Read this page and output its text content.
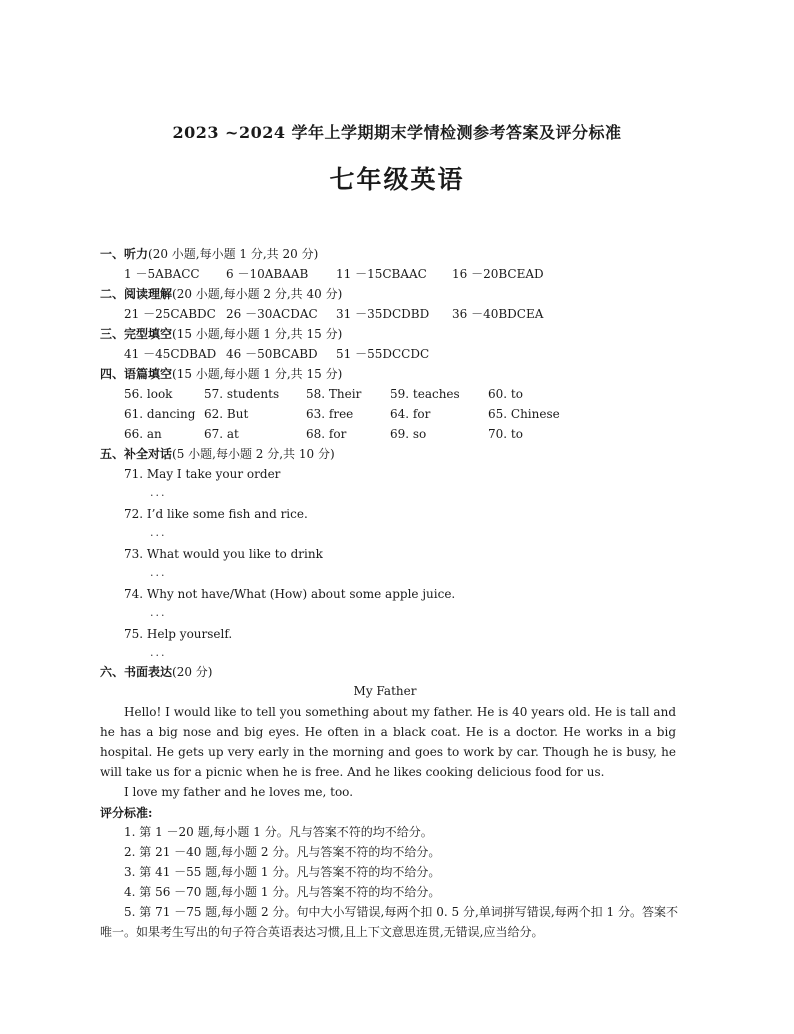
2023 ~2024 学年上学期期末学情检测参考答案及评分标准
七年级英语
一、听力(20 小题,每小题 1 分,共 20 分)
1 －5ABACC 6 －10ABAAB 11 －15CBAAC 16 －20BCEAD
二、阅读理解(20 小题,每小题 2 分,共 40 分)
21 －25CABDC 26 －30ACDAC 31 －35DCDBD 36 －40BDCEA
三、完型填空(15 小题,每小题 1 分,共 15 分)
41 －45CDBAD 46 －50BCABD 51 －55DCCDC
四、语篇填空(15 小题,每小题 1 分,共 15 分)
56. look	57. students 58. Their 59. teaches 60. to
61. dancing 62. But	63. free	64. for	65. Chinese
66. an	67. at	68. for	69. so	70. to
五、补全对话(5 小题,每小题 2 分,共 10 分)
71. May I take your order
...
72. I’d like some fish and rice.
...
73. What would you like to drink
...
74. Why not have/What (How) about some apple juice.
...
75. Help yourself.
...
六、书面表达(20 分)
My Father
Hello! I would like to tell you something about my father. He is 40 years old. He is tall and he has a big nose and big eyes. He often in a black coat. He is a doctor. He works in a big hospital. He gets up very early in the morning and goes to work by car. Though he is busy, he will take us for a picnic when he is free. And he likes cooking delicious food for us.
I love my father and he loves me, too.
评分标准:
1. 第 1 －20 题,每小题 1 分。凡与答案不符的均不给分。
2. 第 21 －40 题,每小题 2 分。凡与答案不符的均不给分。
3. 第 41 －55 题,每小题 1 分。凡与答案不符的均不给分。
4. 第 56 －70 题,每小题 1 分。凡与答案不符的均不给分。
5. 第 71 －75 题,每小题 2 分。句中大小写错误,每两个扣 0. 5 分,单词拼写错误,每两个扣 1 分。答案不唯一。如果考生写出的句子符合英语表达习惯,且上下文意思连贯,无错误,应当给分。
